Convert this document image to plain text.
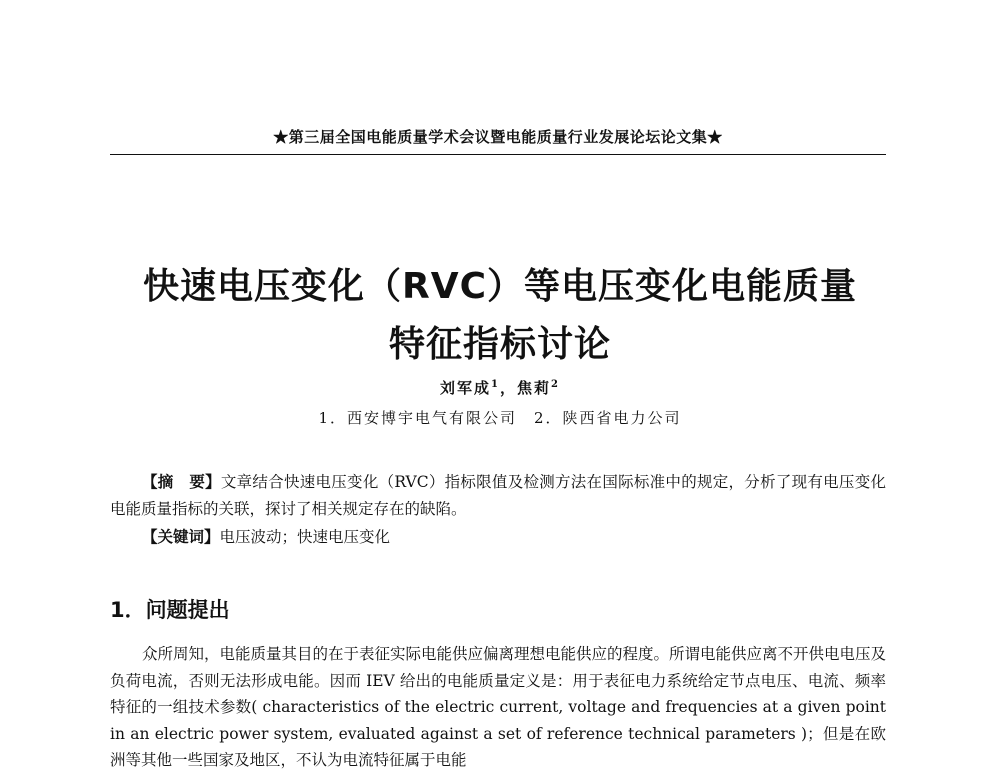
★第三届全国电能质量学术会议暨电能质量行业发展论坛论文集★
快速电压变化（RVC）等电压变化电能质量
特征指标讨论
刘军成$^1$，焦莉$^2$
1．西安博宇电气有限公司　2．陕西省电力公司
【摘　要】文章结合快速电压变化（RVC）指标限值及检测方法在国际标准中的规定，分析了现有电压变化电能质量指标的关联，探讨了相关规定存在的缺陷。
【关键词】电压波动；快速电压变化
1．问题提出
众所周知，电能质量其目的在于表征实际电能供应偏离理想电能供应的程度。所谓电能供应离不开供电电压及负荷电流，否则无法形成电能。因而 IEV 给出的电能质量定义是：用于表征电力系统给定节点电压、电流、频率特征的一组技术参数( characteristics of the electric current, voltage and frequencies at a given point in an electric power system, evaluated against a set of reference technical parameters )；但是在欧洲等其他一些国家及地区，不认为电流特征属于电能
